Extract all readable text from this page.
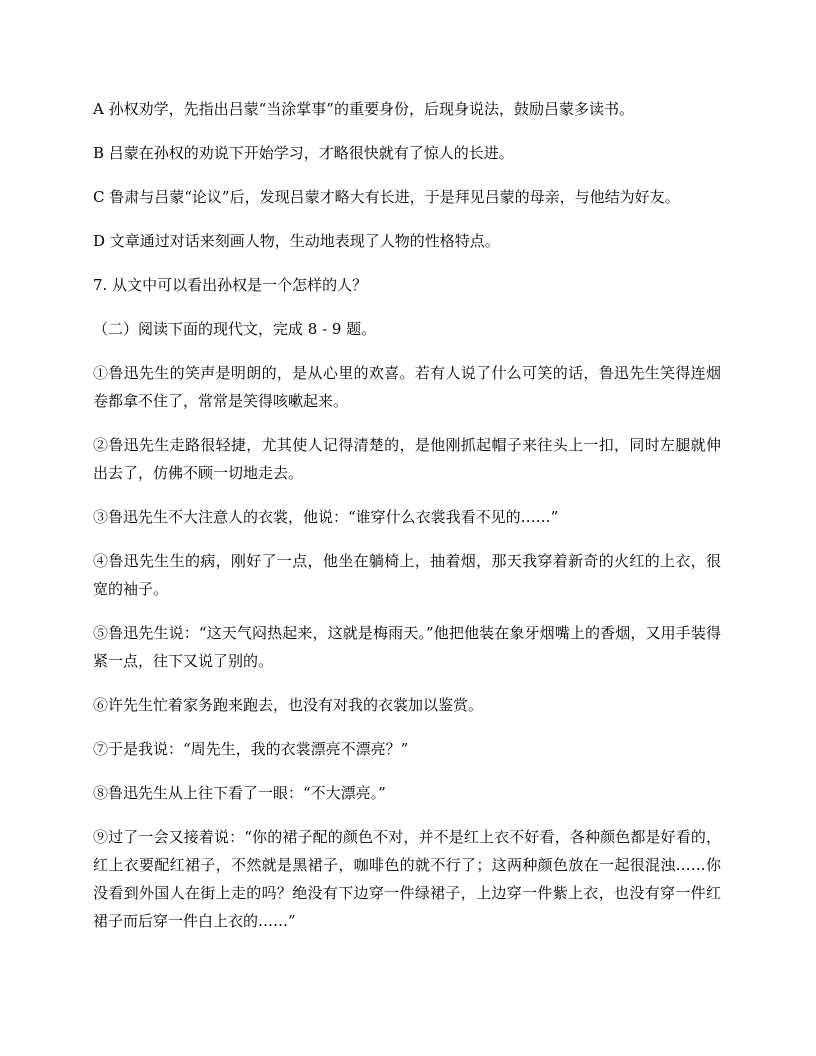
A 孙权劝学，先指出吕蒙“当涂掌事”的重要身份，后现身说法，鼓励吕蒙多读书。

B 吕蒙在孙权的劝说下开始学习，才略很快就有了惊人的长进。

C 鲁肃与吕蒙“论议”后，发现吕蒙才略大有长进，于是拜见吕蒙的母亲，与他结为好友。

D 文章通过对话来刻画人物，生动地表现了人物的性格特点。

7. 从文中可以看出孙权是一个怎样的人？

（二）阅读下面的现代文，完成 8 - 9 题。

①鲁迅先生的笑声是明朗的，是从心里的欢喜。若有人说了什么可笑的话，鲁迅先生笑得连烟卷都拿不住了，常常是笑得咳嗽起来。

②鲁迅先生走路很轻捷，尤其使人记得清楚的，是他刚抓起帽子来往头上一扣，同时左腿就伸出去了，仿佛不顾一切地走去。

③鲁迅先生不大注意人的衣裳，他说：“谁穿什么衣裳我看不见的……”

④鲁迅先生生的病，刚好了一点，他坐在躺椅上，抽着烟，那天我穿着新奇的火红的上衣，很宽的袖子。

⑤鲁迅先生说：“这天气闷热起来，这就是梅雨天。”他把他装在象牙烟嘴上的香烟，又用手装得紧一点，往下又说了别的。

⑥许先生忙着家务跑来跑去，也没有对我的衣裳加以鉴赏。

⑦于是我说：“周先生，我的衣裳漂亮不漂亮？”

⑧鲁迅先生从上往下看了一眼：“不大漂亮。”

⑨过了一会又接着说：“你的裙子配的颜色不对，并不是红上衣不好看，各种颜色都是好看的，红上衣要配红裙子，不然就是黑裙子，咖啡色的就不行了；这两种颜色放在一起很混浊……你没看到外国人在街上走的吗？绝没有下边穿一件绿裙子，上边穿一件紫上衣，也没有穿一件红裙子而后穿一件白上衣的……”
